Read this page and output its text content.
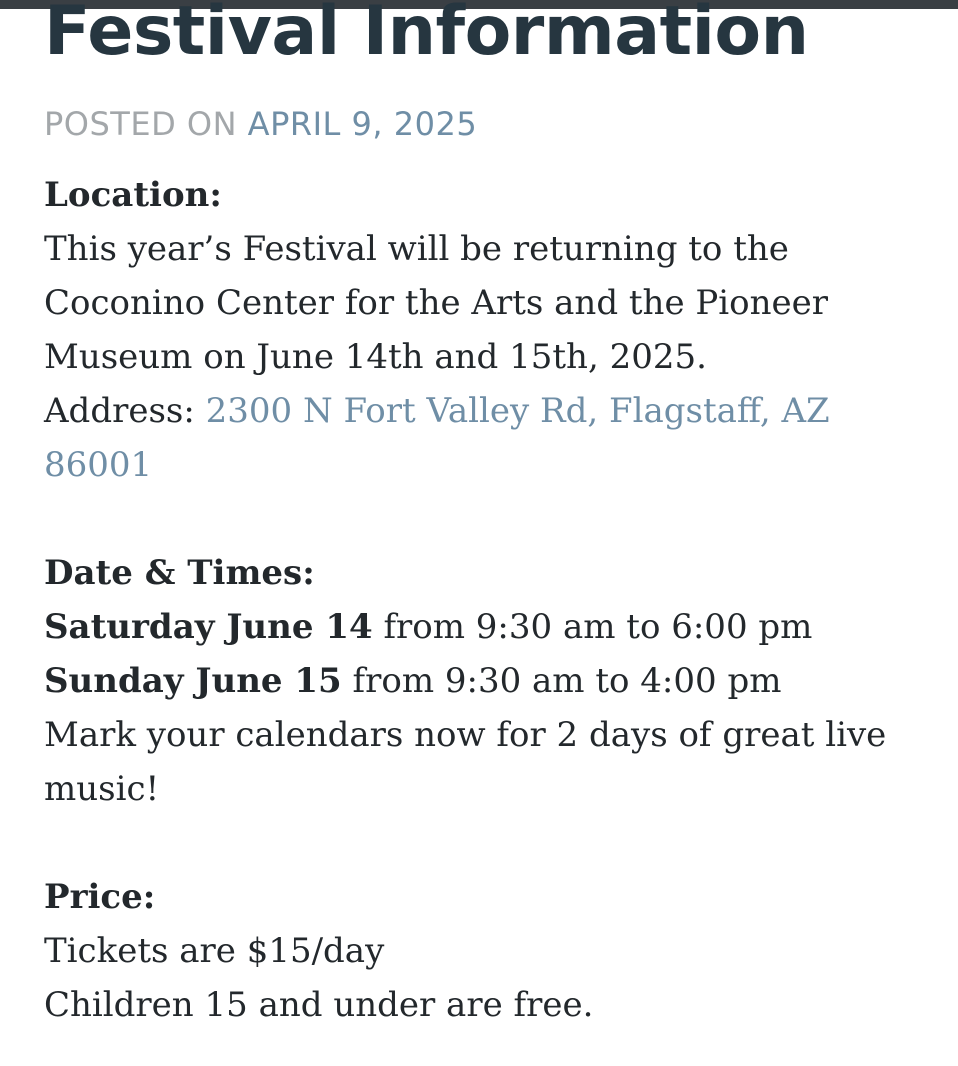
Festival Information
POSTED ON APRIL 9, 2025

Location:

This year’s Festival will be returning to the

Coconino Center for the Arts and the Pioneer

Museum on June 14th and 15th, 2025.

Address: 2300 N Fort Valley Rd, Flagstaff, AZ

86001

Date & Times:

Saturday June 14 from 9:30 am to 6:00 pm

Sunday June 15 from 9:30 am to 4:00 pm

Mark your calendars now for 2 days of great live

music!

Price:

Tickets are $15/day

Children 15 and under are free.
